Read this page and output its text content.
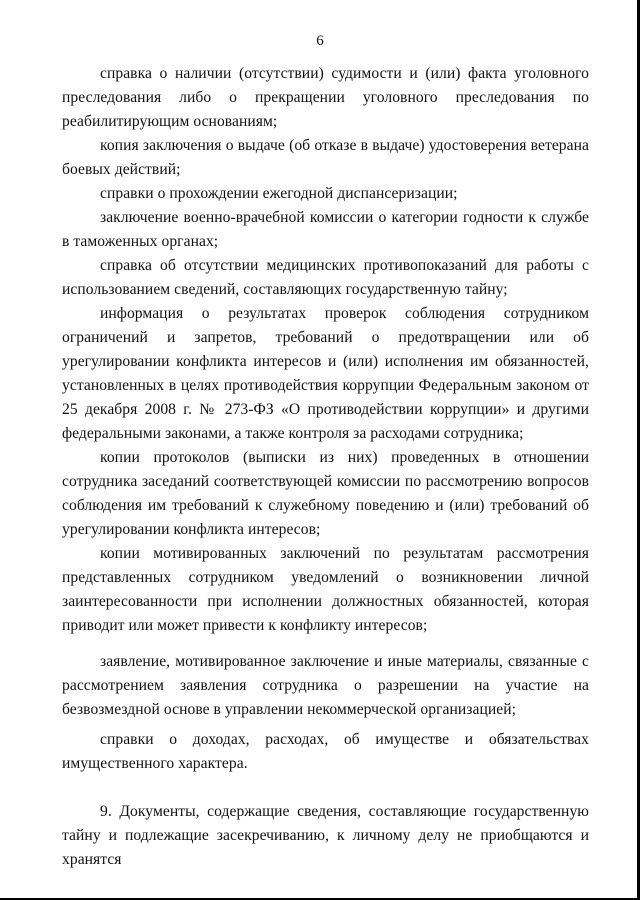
6

справка о наличии (отсутствии) судимости и (или) факта уголовного преследования либо о прекращении уголовного преследования по реабилитирующим основаниям;

копия заключения о выдаче (об отказе в выдаче) удостоверения ветерана боевых действий;

справки о прохождении ежегодной диспансеризации;

заключение военно-врачебной комиссии о категории годности к службе в таможенных органах;

справка об отсутствии медицинских противопоказаний для работы с использованием сведений, составляющих государственную тайну;

информация о результатах проверок соблюдения сотрудником ограничений и запретов, требований о предотвращении или об урегулировании конфликта интересов и (или) исполнения им обязанностей, установленных в целях противодействия коррупции Федеральным законом от 25 декабря 2008 г. № 273-ФЗ «О противодействии коррупции» и другими федеральными законами, а также контроля за расходами сотрудника;

копии протоколов (выписки из них) проведенных в отношении сотрудника заседаний соответствующей комиссии по рассмотрению вопросов соблюдения им требований к служебному поведению и (или) требований об урегулировании конфликта интересов;

копии мотивированных заключений по результатам рассмотрения представленных сотрудником уведомлений о возникновении личной заинтересованности при исполнении должностных обязанностей, которая приводит или может привести к конфликту интересов;

заявление, мотивированное заключение и иные материалы, связанные с рассмотрением заявления сотрудника о разрешении на участие на безвозмездной основе в управлении некоммерческой организацией;

справки о доходах, расходах, об имуществе и обязательствах имущественного характера.

9. Документы, содержащие сведения, составляющие государственную тайну и подлежащие засекречиванию, к личному делу не приобщаются и хранятся
